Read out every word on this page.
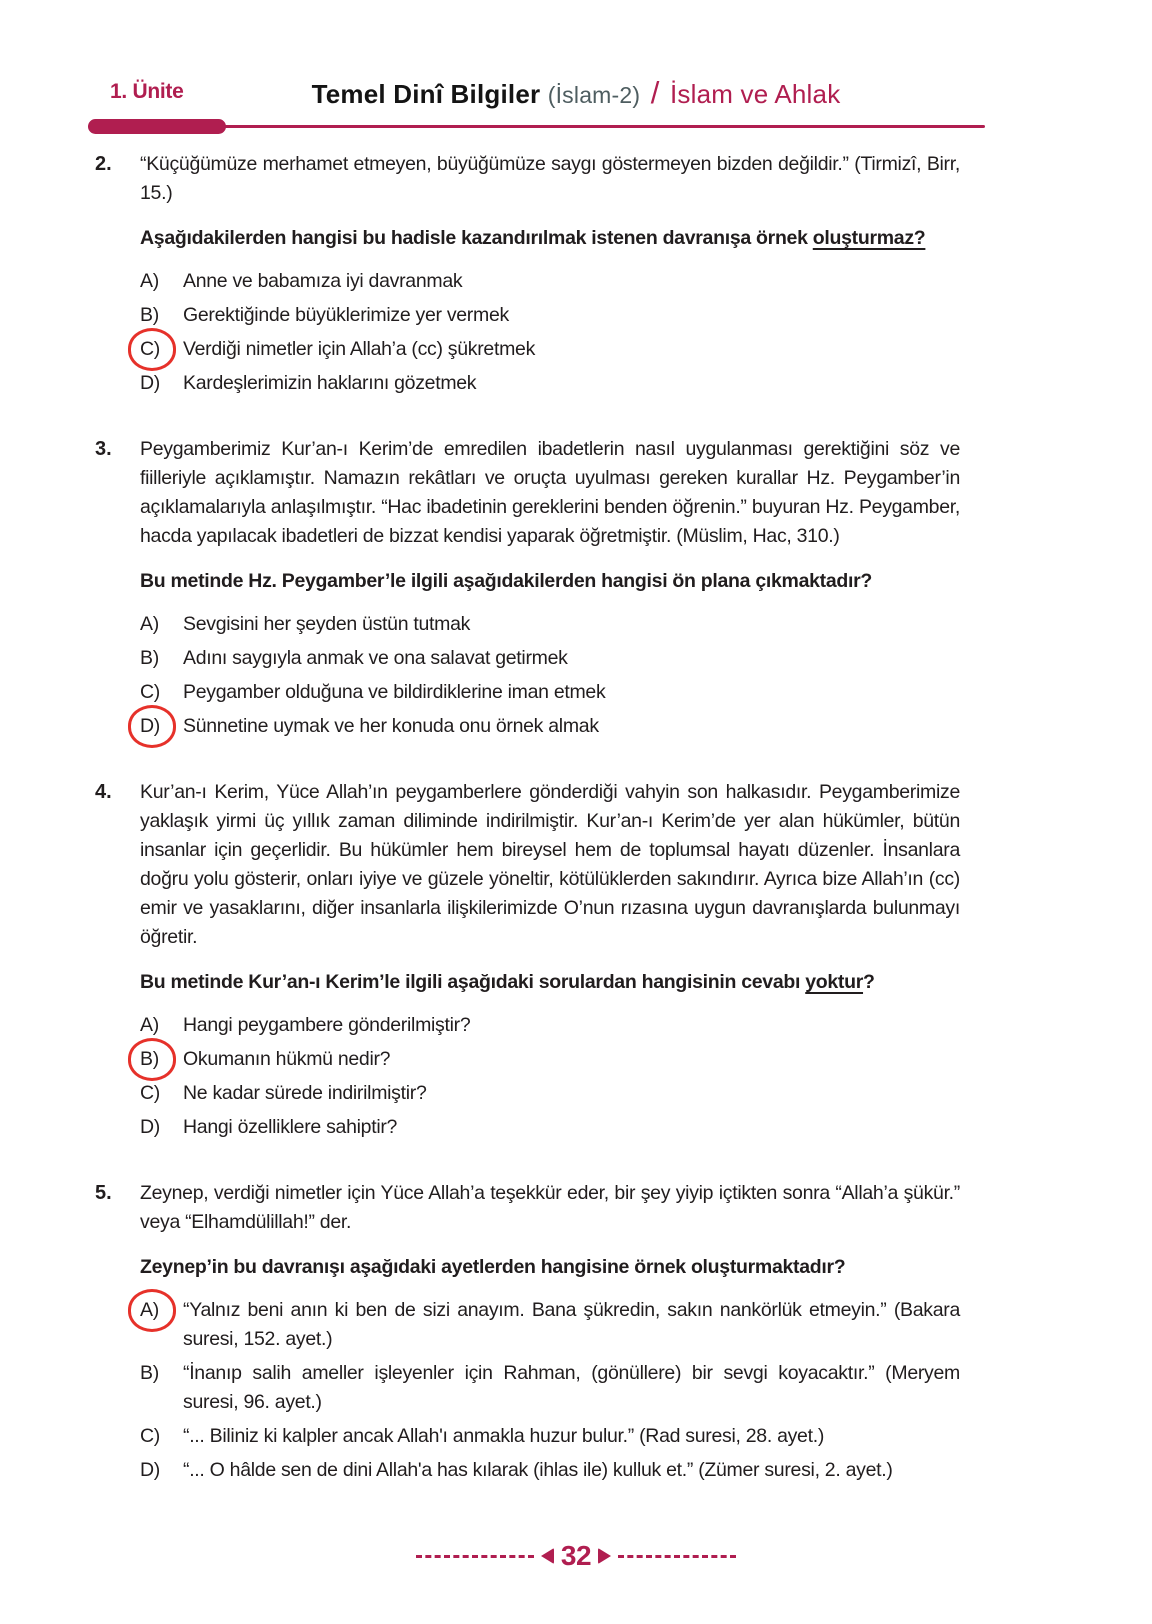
1. Ünite	Temel Dinî Bilgiler (İslam-2) / İslam ve Ahlak
2.	“Küçüğümüze merhamet etmeyen, büyüğümüze saygı göstermeyen bizden değildir.” (Tirmizî, Birr, 15.)

Aşağıdakilerden hangisi bu hadisle kazandırılmak istenen davranışa örnek oluşturmaz?

A)	Anne ve babamıza iyi davranmak
B)	Gerektiğinde büyüklerimize yer vermek
C)	Verdiği nimetler için Allah’a (cc) şükretmek
D)	Kardeşlerimizin haklarını gözetmek
3.	Peygamberimiz Kur’an-ı Kerim’de emredilen ibadetlerin nasıl uygulanması gerektiğini söz ve fiilleriyle açıklamıştır. Namazın rekâtları ve oruçta uyulması gereken kurallar Hz. Peygamber’in açıklamalarıyla anlaşılmıştır. “Hac ibadetinin gereklerini benden öğrenin.” buyuran Hz. Peygamber, hacda yapılacak ibadetleri de bizzat kendisi yaparak öğretmiştir. (Müslim, Hac, 310.)

Bu metinde Hz. Peygamber’le ilgili aşağıdakilerden hangisi ön plana çıkmaktadır?

A)	Sevgisini her şeyden üstün tutmak
B)	Adını saygıyla anmak ve ona salavat getirmek
C)	Peygamber olduğuna ve bildirdiklerine iman etmek
D)	Sünnetine uymak ve her konuda onu örnek almak
4.	Kur’an-ı Kerim, Yüce Allah’ın peygamberlere gönderdiği vahyin son halkasıdır. Peygamberimize yaklaşık yirmi üç yıllık zaman diliminde indirilmiştir. Kur’an-ı Kerim’de yer alan hükümler, bütün insanlar için geçerlidir. Bu hükümler hem bireysel hem de toplumsal hayatı düzenler. İnsanlara doğru yolu gösterir, onları iyiye ve güzele yöneltir, kötülüklerden sakındırır. Ayrıca bize Allah’ın (cc) emir ve yasaklarını, diğer insanlarla ilişkilerimizde O’nun rızasına uygun davranışlarda bulunmayı öğretir.

Bu metinde Kur’an-ı Kerim’le ilgili aşağıdaki sorulardan hangisinin cevabı yoktur?

A)	Hangi peygambere gönderilmiştir?
B)	Okumanın hükmü nedir?
C)	Ne kadar sürede indirilmiştir?
D)	Hangi özelliklere sahiptir?
5.	Zeynep, verdiği nimetler için Yüce Allah’a teşekkür eder, bir şey yiyip içtikten sonra “Allah’a şükür.” veya “Elhamdülillah!” der.

Zeynep’in bu davranışı aşağıdaki ayetlerden hangisine örnek oluşturmaktadır?

A)	“Yalnız beni anın ki ben de sizi anayım. Bana şükredin, sakın nankörlük etmeyin.” (Bakara suresi, 152. ayet.)
B)	“İnanıp salih ameller işleyenler için Rahman, (gönüllere) bir sevgi koyacaktır.” (Meryem suresi, 96. ayet.)
C)	“... Biliniz ki kalpler ancak Allah'ı anmakla huzur bulur.” (Rad suresi, 28. ayet.)
D)	“... O hâlde sen de dini Allah'a has kılarak (ihlas ile) kulluk et.” (Zümer suresi, 2. ayet.)
32
